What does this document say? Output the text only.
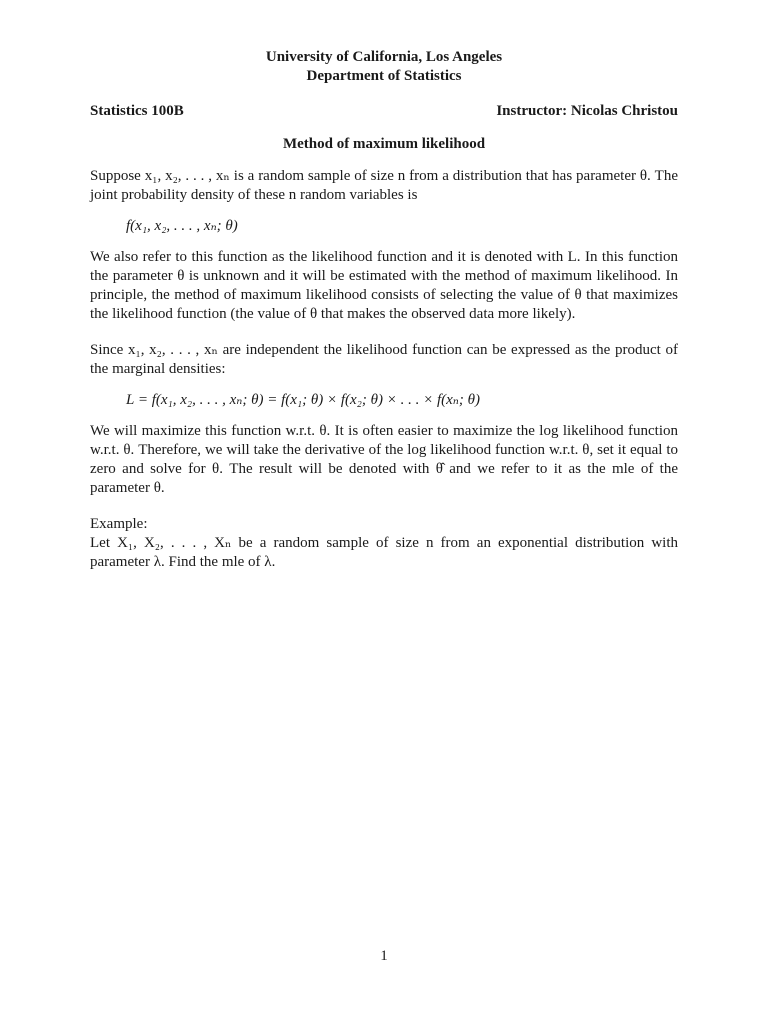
University of California, Los Angeles
Department of Statistics
Statistics 100B	Instructor: Nicolas Christou
Method of maximum likelihood

Suppose x₁, x₂, . . . , xₙ is a random sample of size n from a distribution that has parameter θ. The joint probability density of these n random variables is

f(x₁, x₂, . . . , xₙ; θ)

We also refer to this function as the likelihood function and it is denoted with L. In this function the parameter θ is unknown and it will be estimated with the method of maximum likelihood. In principle, the method of maximum likelihood consists of selecting the value of θ that maximizes the likelihood function (the value of θ that makes the observed data more likely).

Since x₁, x₂, . . . , xₙ are independent the likelihood function can be expressed as the product of the marginal densities:

L = f(x₁, x₂, . . . , xₙ; θ) = f(x₁; θ) × f(x₂; θ) × . . . × f(xₙ; θ)

We will maximize this function w.r.t. θ. It is often easier to maximize the log likelihood function w.r.t. θ. Therefore, we will take the derivative of the log likelihood function w.r.t. θ, set it equal to zero and solve for θ. The result will be denoted with θ̂ and we refer to it as the mle of the parameter θ.

Example:

Let X₁, X₂, . . . , Xₙ be a random sample of size n from an exponential distribution with parameter λ. Find the mle of λ.

1
